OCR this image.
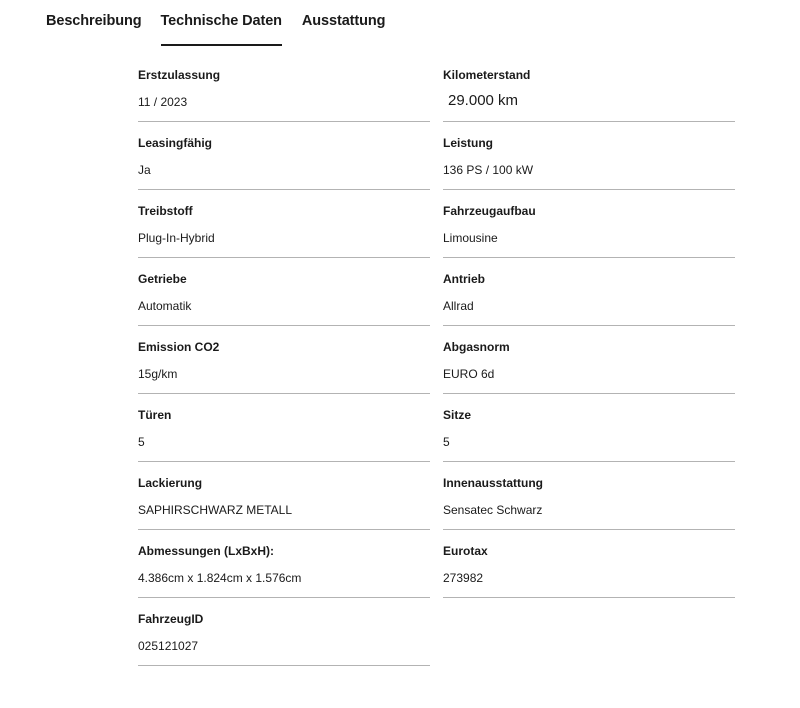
Beschreibung Technische Daten Ausstattung
Erstzulassung
11 / 2023
Kilometerstand
29.000 km
Leasingfähig
Ja
Leistung
136 PS / 100 kW
Treibstoff
Plug-In-Hybrid
Fahrzeugaufbau
Limousine
Getriebe
Automatik
Antrieb
Allrad
Emission CO2
15g/km
Abgasnorm
EURO 6d
Türen
5
Sitze
5
Lackierung
SAPHIRSCHWARZ METALL
Innenausstattung
Sensatec Schwarz
Abmessungen (LxBxH):
4.386cm x 1.824cm x 1.576cm
Eurotax
273982
FahrzeugID
025121027
